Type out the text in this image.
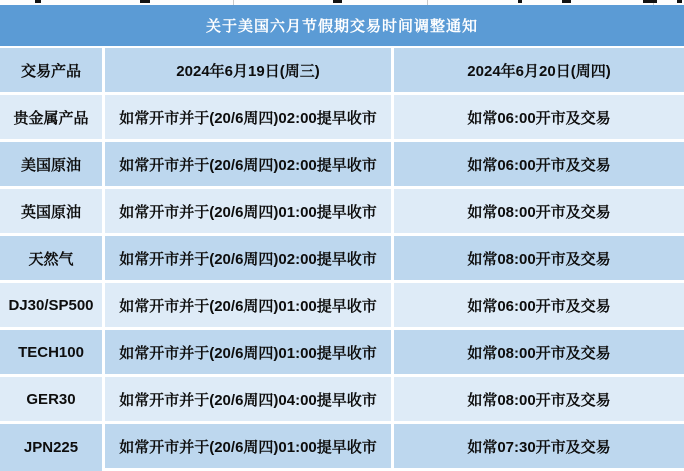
关于美国六月节假期交易时间调整通知
交易产品	2024年6月19日(周三)	2024年6月20日(周四)
贵金属产品	如常开市并于(20/6周四)02:00提早收市	如常06:00开市及交易
美国原油	如常开市并于(20/6周四)02:00提早收市	如常06:00开市及交易
英国原油	如常开市并于(20/6周四)01:00提早收市	如常08:00开市及交易
天然气	如常开市并于(20/6周四)02:00提早收市	如常08:00开市及交易
DJ30/SP500	如常开市并于(20/6周四)01:00提早收市	如常06:00开市及交易
TECH100	如常开市并于(20/6周四)01:00提早收市	如常08:00开市及交易
GER30	如常开市并于(20/6周四)04:00提早收市	如常08:00开市及交易
JPN225	如常开市并于(20/6周四)01:00提早收市	如常07:30开市及交易
